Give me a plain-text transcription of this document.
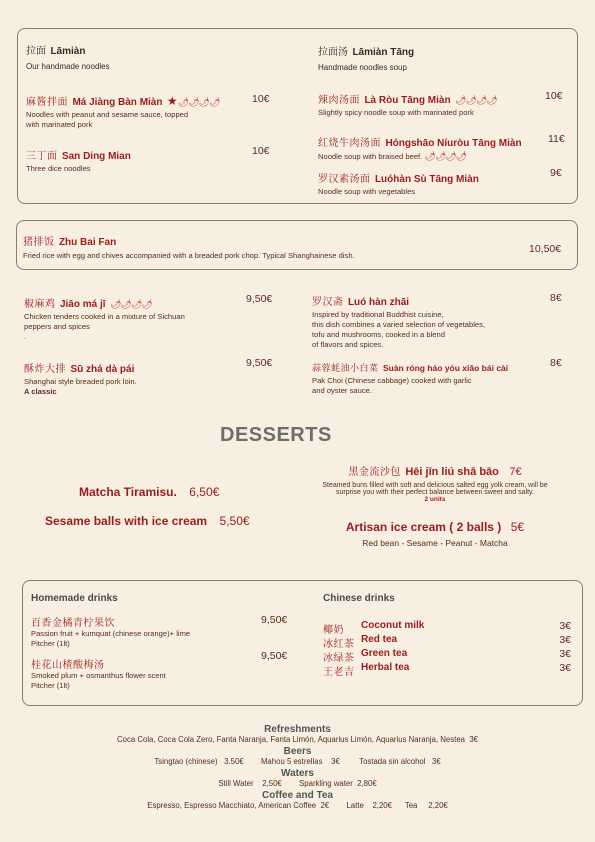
拉面 Lāmiàn
Our handmade noodles
拉面汤 Lāmiàn Tāng
Handmade noodles soup
麻酱拌面 Má Jiàng Bàn Miàn ★🌶🌶🌶🌶
Noodles with peanut and sesame sauce, topped
with marinated pork
10€
三丁面 San Ding Mian
Three dice noodles
10€
辣肉汤面 Là Ròu Tāng Miàn 🌶🌶🌶🌶
Slightly spicy noodle soup with marinated pork
10€
红烧牛肉汤面 Hóngshāo Níuròu Tāng Miàn
Noodle soup with braised beef. 🌶🌶🌶🌶
11€
罗汉素汤面 Luóhàn Sù Tāng Miàn
Noodle soup with vegetables
9€
猪排饭 Zhu Bai Fan
Fried rice with egg and chives accompanied with a breaded pork chop. Typical Shanghainese dish.
10,50€
椒麻鸡 Jiāo má jī 🌶🌶🌶🌶
Chicken tenders cooked in a mixture of Sichuan
peppers and spices
.
9,50€
酥炸大排 Sū zhá dà pái
Shanghai style breaded pork loin.
A classic
9,50€
罗汉斋 Luó hàn zhāi
Inspired by traditional Buddhist cuisine,
this dish combines a varied selection of vegetables,
tofu and mushrooms, cooked in a blend
of flavors and spices.
8€
蒜蓉蚝油小白菜 Suàn róng háo yóu xiǎo bái cài
Pak Choi (Chinese cabbage) cooked with garlic
and oyster sauce.
8€
DESSERTS
Matcha Tiramisu. 6,50€
Sesame balls with ice cream 5,50€
黑金流沙包 Hēi jīn liú shā bāo 7€
Steamed buns filled with soft and delicious salted egg yolk cream, will be
surprise you with their perfect balance between sweet and salty.
2 units
Artisan ice cream ( 2 balls ) 5€
Red bean - Sesame - Peanut - Matcha
Homemade drinks	Chinese drinks
百香金橘青柠果饮
Passion fruit + kumquat (chinese orange)+ lime
Pitcher (1lt)
9,50€
桂花山楂酸梅汤
Smoked plum + osmanthus flower scent
Pitcher (1lt)
9,50€
椰奶 Coconut milk	3€
冰红茶 Red tea	3€
冰绿茶 Green tea	3€
王老吉 Herbal tea	3€
Refreshments
Coca Cola, Coca Cola Zero, Fanta Naranja, Fanta Limón, Aquarius Limón, Aquarius Naranja, Nestea  3€
Beers
Tsingtao (chinese)   3.50€        Mahou 5 estrellas    3€         Tostada sin alcohol   3€
Waters
Still Water    2,50€        Sparkling water  2,80€
Coffee and Tea
Espresso, Espresso Macchiato, American Coffee  2€        Latte    2,20€      Tea     2,20€
